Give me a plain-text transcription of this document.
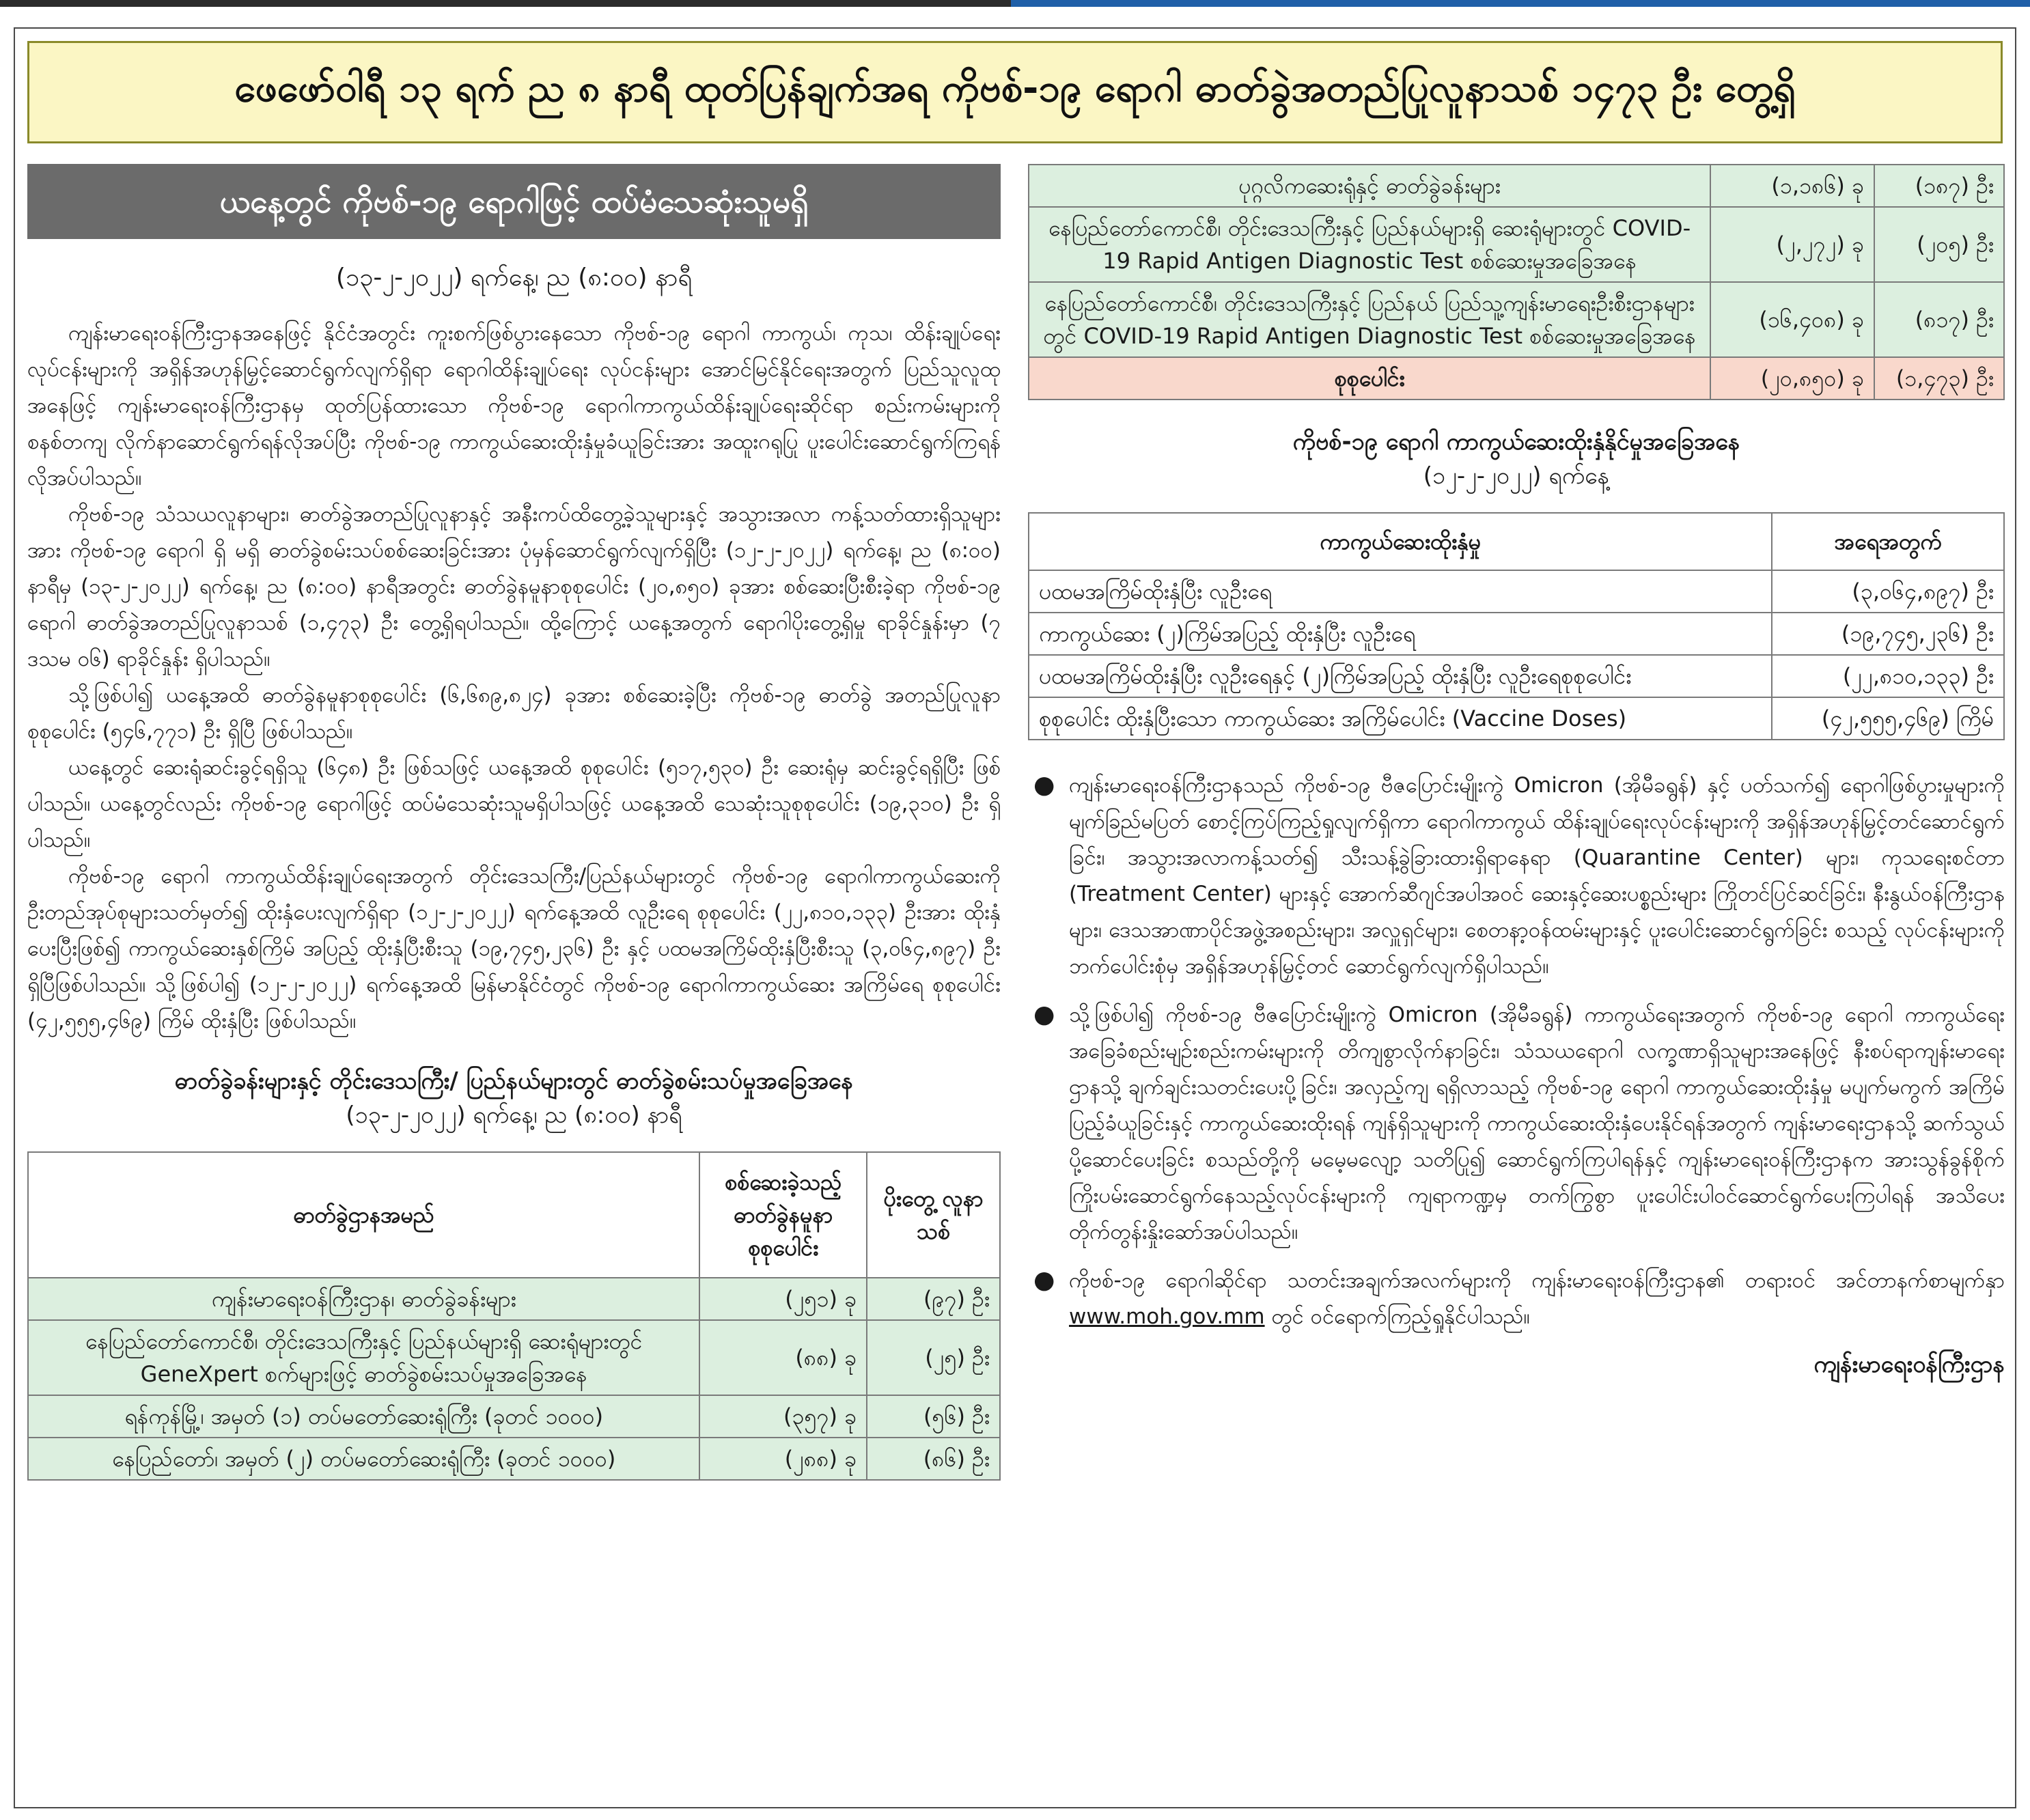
ဖေဖော်ဝါရီ ၁၃ ရက် ည ၈ နာရီ ထုတ်ပြန်ချက်အရ ကိုဗစ်-၁၉ ရောဂါ ဓာတ်ခွဲအတည်ပြုလူနာသစ် ၁၄၇၃ ဦး တွေ့ရှိ
ယနေ့တွင် ကိုဗစ်-၁၉ ရောဂါဖြင့် ထပ်မံသေဆုံးသူမရှိ
(၁၃-၂-၂၀၂၂) ရက်နေ့၊ ည (၈:၀၀) နာရီ

ကျန်းမာရေးဝန်ကြီးဌာနအနေဖြင့် နိုင်ငံအတွင်း ကူးစက်ဖြစ်ပွားနေသော ကိုဗစ်-၁၉ ရောဂါ ကာကွယ်၊ ကုသ၊ ထိန်းချုပ်ရေးလုပ်ငန်းများကို အရှိန်အဟုန်မြှင့်ဆောင်ရွက်လျက်ရှိရာ ရောဂါထိန်းချုပ်ရေး လုပ်ငန်းများ အောင်မြင်နိုင်ရေးအတွက် ပြည်သူလူထုအနေဖြင့် ကျန်းမာရေးဝန်ကြီးဌာနမှ ထုတ်ပြန်ထားသော ကိုဗစ်-၁၉ ရောဂါကာကွယ်ထိန်းချုပ်ရေးဆိုင်ရာ စည်းကမ်းများကို စနစ်တကျ လိုက်နာဆောင်ရွက်ရန်လိုအပ်ပြီး ကိုဗစ်-၁၉ ကာကွယ်ဆေးထိုးနှံမှုခံယူခြင်းအား အထူးဂရုပြု ပူးပေါင်းဆောင်ရွက်ကြရန် လိုအပ်ပါသည်။

ကိုဗစ်-၁၉ သံသယလူနာများ၊ ဓာတ်ခွဲအတည်ပြုလူနာနှင့် အနီးကပ်ထိတွေ့ခဲ့သူများနှင့် အသွားအလာ ကန့်သတ်ထားရှိသူများအား ကိုဗစ်-၁၉ ရောဂါ ရှိ မရှိ ဓာတ်ခွဲစမ်းသပ်စစ်ဆေးခြင်းအား ပုံမှန်ဆောင်ရွက်လျက်ရှိပြီး (၁၂-၂-၂၀၂၂) ရက်နေ့၊ ည (၈:၀၀) နာရီမှ (၁၃-၂-၂၀၂၂) ရက်နေ့၊ ည (၈:၀၀) နာရီအတွင်း ဓာတ်ခွဲနမူနာစုစုပေါင်း (၂၀,၈၅၀) ခုအား စစ်ဆေးပြီးစီးခဲ့ရာ ကိုဗစ်-၁၉ ရောဂါ ဓာတ်ခွဲအတည်ပြုလူနာသစ် (၁,၄၇၃) ဦး တွေ့ရှိရပါသည်။ ထို့ကြောင့် ယနေ့အတွက် ရောဂါပိုးတွေ့ရှိမှု ရာခိုင်နှုန်းမှာ (၇ ဒသမ ၀၆) ရာခိုင်နှုန်း ရှိပါသည်။

သို့ဖြစ်ပါ၍ ယနေ့အထိ ဓာတ်ခွဲနမူနာစုစုပေါင်း (၆,၆၈၉,၈၂၄) ခုအား စစ်ဆေးခဲ့ပြီး ကိုဗစ်-၁၉ ဓာတ်ခွဲ အတည်ပြုလူနာ စုစုပေါင်း (၅၄၆,၇၇၁) ဦး ရှိပြီ ဖြစ်ပါသည်။

ယနေ့တွင် ဆေးရုံဆင်းခွင့်ရရှိသူ (၆၄၈) ဦး ဖြစ်သဖြင့် ယနေ့အထိ စုစုပေါင်း (၅၁၇,၅၃၀) ဦး ဆေးရုံမှ ဆင်းခွင့်ရရှိပြီး ဖြစ်ပါသည်။ ယနေ့တွင်လည်း ကိုဗစ်-၁၉ ရောဂါဖြင့် ထပ်မံသေဆုံးသူမရှိပါသဖြင့် ယနေ့အထိ သေဆုံးသူစုစုပေါင်း (၁၉,၃၁၀) ဦး ရှိပါသည်။

ကိုဗစ်-၁၉ ရောဂါ ကာကွယ်ထိန်းချုပ်ရေးအတွက် တိုင်းဒေသကြီး/ပြည်နယ်များတွင် ကိုဗစ်-၁၉ ရောဂါကာကွယ်ဆေးကို ဦးတည်အုပ်စုများသတ်မှတ်၍ ထိုးနှံပေးလျက်ရှိရာ (၁၂-၂-၂၀၂၂) ရက်နေ့အထိ လူဦးရေ စုစုပေါင်း (၂၂,၈၁၀,၁၃၃) ဦးအား ထိုးနှံပေးပြီးဖြစ်၍ ကာကွယ်ဆေးနှစ်ကြိမ် အပြည့် ထိုးနှံပြီးစီးသူ (၁၉,၇၄၅,၂၃၆) ဦး နှင့် ပထမအကြိမ်ထိုးနှံပြီးစီးသူ (၃,၀၆၄,၈၉၇) ဦး ရှိပြီဖြစ်ပါသည်။ သို့ဖြစ်ပါ၍ (၁၂-၂-၂၀၂၂) ရက်နေ့အထိ မြန်မာနိုင်ငံတွင် ကိုဗစ်-၁၉ ရောဂါကာကွယ်ဆေး အကြိမ်ရေ စုစုပေါင်း (၄၂,၅၅၅,၄၆၉) ကြိမ် ထိုးနှံပြီး ဖြစ်ပါသည်။

ဓာတ်ခွဲခန်းများနှင့် တိုင်းဒေသကြီး/ ပြည်နယ်များတွင် ဓာတ်ခွဲစမ်းသပ်မှုအခြေအနေ
(၁၃-၂-၂၀၂၂) ရက်နေ့၊ ည (၈:၀၀) နာရီ
ဓာတ်ခွဲဌာနအမည်	စစ်ဆေးခဲ့သည့် ဓာတ်ခွဲနမူနာ စုစုပေါင်း	ပိုးတွေ့ လူနာသစ်
ကျန်းမာရေးဝန်ကြီးဌာန၊ ဓာတ်ခွဲခန်းများ	(၂၅၁) ခု	(၉၇) ဦး
နေပြည်တော်ကောင်စီ၊ တိုင်းဒေသကြီးနှင့် ပြည်နယ်များရှိ ဆေးရုံများတွင် GeneXpert စက်များဖြင့် ဓာတ်ခွဲစမ်းသပ်မှုအခြေအနေ	(၈၈) ခု	(၂၅) ဦး
ရန်ကုန်မြို့၊ အမှတ် (၁) တပ်မတော်ဆေးရုံကြီး (ခုတင် ၁၀၀၀)	(၃၅၇) ခု	(၅၆) ဦး
နေပြည်တော်၊ အမှတ် (၂) တပ်မတော်ဆေးရုံကြီး (ခုတင် ၁၀၀၀)	(၂၈၈) ခု	(၈၆) ဦး
ပုဂ္ဂလိကဆေးရုံနှင့် ဓာတ်ခွဲခန်းများ	(၁,၁၈၆) ခု	(၁၈၇) ဦး
နေပြည်တော်ကောင်စီ၊ တိုင်းဒေသကြီးနှင့် ပြည်နယ်များရှိ ဆေးရုံများတွင် COVID-19 Rapid Antigen Diagnostic Test စစ်ဆေးမှုအခြေအနေ	(၂,၂၇၂) ခု	(၂၀၅) ဦး
နေပြည်တော်ကောင်စီ၊ တိုင်းဒေသကြီးနှင့် ပြည်နယ် ပြည်သူ့ကျန်းမာရေးဦးစီးဌာနများတွင် COVID-19 Rapid Antigen Diagnostic Test စစ်ဆေးမှုအခြေအနေ	(၁၆,၄၀၈) ခု	(၈၁၇) ဦး
စုစုပေါင်း	(၂၀,၈၅၀) ခု	(၁,၄၇၃) ဦး
ကိုဗစ်-၁၉ ရောဂါ ကာကွယ်ဆေးထိုးနှံနိုင်မှုအခြေအနေ
(၁၂-၂-၂၀၂၂) ရက်နေ့
ကာကွယ်ဆေးထိုးနှံမှု	အရေအတွက်
ပထမအကြိမ်ထိုးနှံပြီး လူဦးရေ	(၃,၀၆၄,၈၉၇) ဦး
ကာကွယ်ဆေး (၂)ကြိမ်အပြည့် ထိုးနှံပြီး လူဦးရေ	(၁၉,၇၄၅,၂၃၆) ဦး
ပထမအကြိမ်ထိုးနှံပြီး လူဦးရေနှင့် (၂)ကြိမ်အပြည့် ထိုးနှံပြီး လူဦးရေစုစုပေါင်း	(၂၂,၈၁၀,၁၃၃) ဦး
စုစုပေါင်း ထိုးနှံပြီးသော ကာကွယ်ဆေး အကြိမ်ပေါင်း (Vaccine Doses)	(၄၂,၅၅၅,၄၆၉) ကြိမ်
● ကျန်းမာရေးဝန်ကြီးဌာနသည် ကိုဗစ်-၁၉ ဗီဇပြောင်းမျိုးကွဲ Omicron (အိုမီခရွန်) နှင့် ပတ်သက်၍ ရောဂါဖြစ်ပွားမှုများကို မျက်ခြည်မပြတ် စောင့်ကြပ်ကြည့်ရှုလျက်ရှိကာ ရောဂါကာကွယ် ထိန်းချုပ်ရေးလုပ်ငန်းများကို အရှိန်အဟုန်မြှင့်တင်ဆောင်ရွက်ခြင်း၊ အသွားအလာကန့်သတ်၍ သီးသန့်ခွဲခြားထားရှိရာနေရာ (Quarantine Center) များ၊ ကုသရေးစင်တာ (Treatment Center) များနှင့် အောက်ဆီဂျင်အပါအဝင် ဆေးနှင့်ဆေးပစ္စည်းများ ကြိုတင်ပြင်ဆင်ခြင်း၊ နီးနွယ်ဝန်ကြီးဌာနများ၊ ဒေသအာဏာပိုင်အဖွဲ့အစည်းများ၊ အလှူရှင်များ၊ စေတနာ့ဝန်ထမ်းများနှင့် ပူးပေါင်းဆောင်ရွက်ခြင်း စသည့် လုပ်ငန်းများကို ဘက်ပေါင်းစုံမှ အရှိန်အဟုန်မြှင့်တင် ဆောင်ရွက်လျက်ရှိပါသည်။
● သို့ဖြစ်ပါ၍ ကိုဗစ်-၁၉ ဗီဇပြောင်းမျိုးကွဲ Omicron (အိုမီခရွန်) ကာကွယ်ရေးအတွက် ကိုဗစ်-၁၉ ရောဂါ ကာကွယ်ရေး အခြေခံစည်းမျဉ်းစည်းကမ်းများကို တိကျစွာလိုက်နာခြင်း၊ သံသယရောဂါ လက္ခဏာရှိသူများအနေဖြင့် နီးစပ်ရာကျန်းမာရေးဌာနသို့ ချက်ချင်းသတင်းပေးပို့ခြင်း၊ အလှည့်ကျ ရရှိလာသည့် ကိုဗစ်-၁၉ ရောဂါ ကာကွယ်ဆေးထိုးနှံမှု မပျက်မကွက် အကြိမ်ပြည့်ခံယူခြင်းနှင့် ကာကွယ်ဆေးထိုးရန် ကျန်ရှိသူများကို ကာကွယ်ဆေးထိုးနှံပေးနိုင်ရန်အတွက် ကျန်းမာရေးဌာနသို့ ဆက်သွယ်ပို့ဆောင်ပေးခြင်း စသည်တို့ကို မမေ့မလျော့ သတိပြု၍ ဆောင်ရွက်ကြပါရန်နှင့် ကျန်းမာရေးဝန်ကြီးဌာနက အားသွန်ခွန်စိုက် ကြိုးပမ်းဆောင်ရွက်နေသည့်လုပ်ငန်းများကို ကျရာကဏ္ဍမှ တက်ကြွစွာ ပူးပေါင်းပါဝင်ဆောင်ရွက်ပေးကြပါရန် အသိပေး တိုက်တွန်းနှိုးဆော်အပ်ပါသည်။
● ကိုဗစ်-၁၉ ရောဂါဆိုင်ရာ သတင်းအချက်အလက်များကို ကျန်းမာရေးဝန်ကြီးဌာန၏ တရားဝင် အင်တာနက်စာမျက်နှာ www.moh.gov.mm တွင် ဝင်ရောက်ကြည့်ရှုနိုင်ပါသည်။
ကျန်းမာရေးဝန်ကြီးဌာန
